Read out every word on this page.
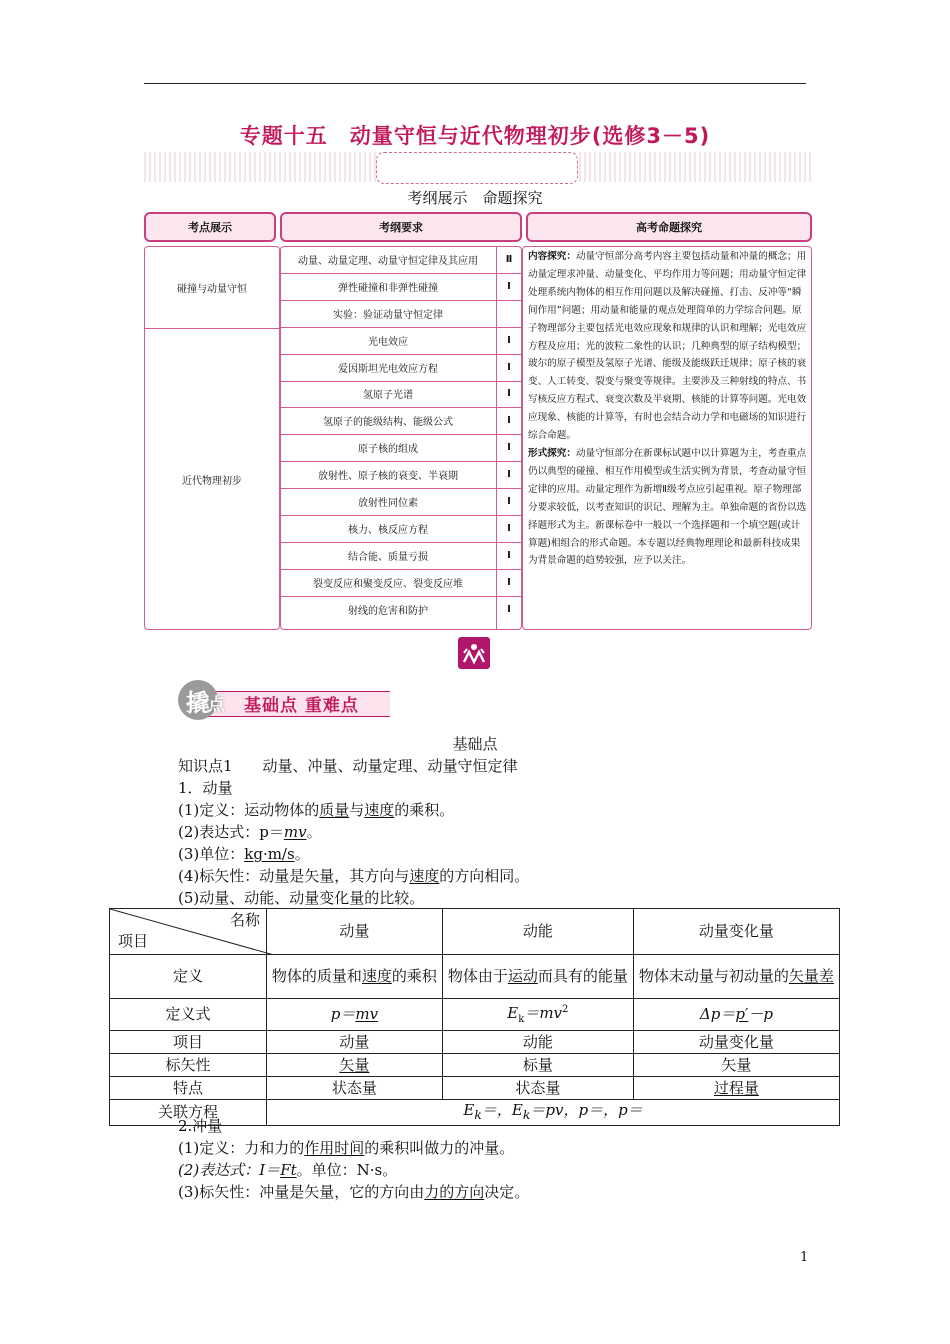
专题十五　动量守恒与近代物理初步(选修3－5)
考纲展示　命题探究
考点展示	考纲要求	高考命题探究
碰撞与动量守恒
近代物理初步
动量、动量定理、动量守恒定律及其应用	Ⅱ
弹性碰撞和非弹性碰撞	Ⅰ
实验：验证动量守恒定律
光电效应	Ⅰ
爱因斯坦光电效应方程	Ⅰ
氢原子光谱	Ⅰ
氢原子的能级结构、能级公式	Ⅰ
原子核的组成	Ⅰ
放射性、原子核的衰变、半衰期	Ⅰ
放射性同位素	Ⅰ
核力、核反应方程	Ⅰ
结合能、质量亏损	Ⅰ
裂变反应和聚变反应、裂变反应堆	Ⅰ
射线的危害和防护	Ⅰ
内容探究：动量守恒部分高考内容主要包括动量和冲量的概念；用动量定理求冲量、动量变化、平均作用力等问题；用动量守恒定律处理系统内物体的相互作用问题以及解决碰撞、打击、反冲等“瞬间作用”问题；用动量和能量的观点处理简单的力学综合问题。原子物理部分主要包括光电效应现象和规律的认识和理解；光电效应方程及应用；光的波粒二象性的认识；几种典型的原子结构模型；玻尔的原子模型及氢原子光谱、能级及能级跃迁规律；原子核的衰变、人工转变、裂变与聚变等规律。主要涉及三种射线的特点、书写核反应方程式、衰变次数及半衰期、核能的计算等问题。光电效应现象、核能的计算等，有时也会结合动力学和电磁场的知识进行综合命题。
形式探究：动量守恒部分在新课标试题中以计算题为主，考查重点仍以典型的碰撞、相互作用模型或生活实例为背景，考查动量守恒定律的应用。动量定理作为新增Ⅱ级考点应引起重视。原子物理部分要求较低，以考查知识的识记、理解为主。单独命题的省份以选择题形式为主。新课标卷中一般以一个选择题和一个填空题(或计算题)相组合的形式命题。本专题以经典物理理论和最新科技成果为背景命题的趋势较强，应予以关注。
撬
点 基础点 重难点
基础点
知识点1　　动量、冲量、动量定理、动量守恒定律
1．动量
(1)定义：运动物体的质量与速度的乘积。
(2)表达式：p＝mv。
(3)单位：kg·m/s。
(4)标矢性：动量是矢量，其方向与速度的方向相同。
(5)动量、动能、动量变化量的比较。
名称
项目	动量	动能	动量变化量
定义	物体的质量和速度的乘积	物体由于运动而具有的能量	物体末动量与初动量的矢量差
定义式	p＝mv	$E_k=mv^2$	Δp＝p′－p
项目	动量	动能	动量变化量
标矢性	矢量	标量	矢量
特点	状态量	状态量	过程量
关联方程	$E_k=$，$E_k=pv$，p＝，p＝		
2.冲量
(1)定义：力和力的作用时间的乘积叫做力的冲量。
(2)表达式：I＝Ft。单位：N·s。
(3)标矢性：冲量是矢量，它的方向由力的方向决定。
1
